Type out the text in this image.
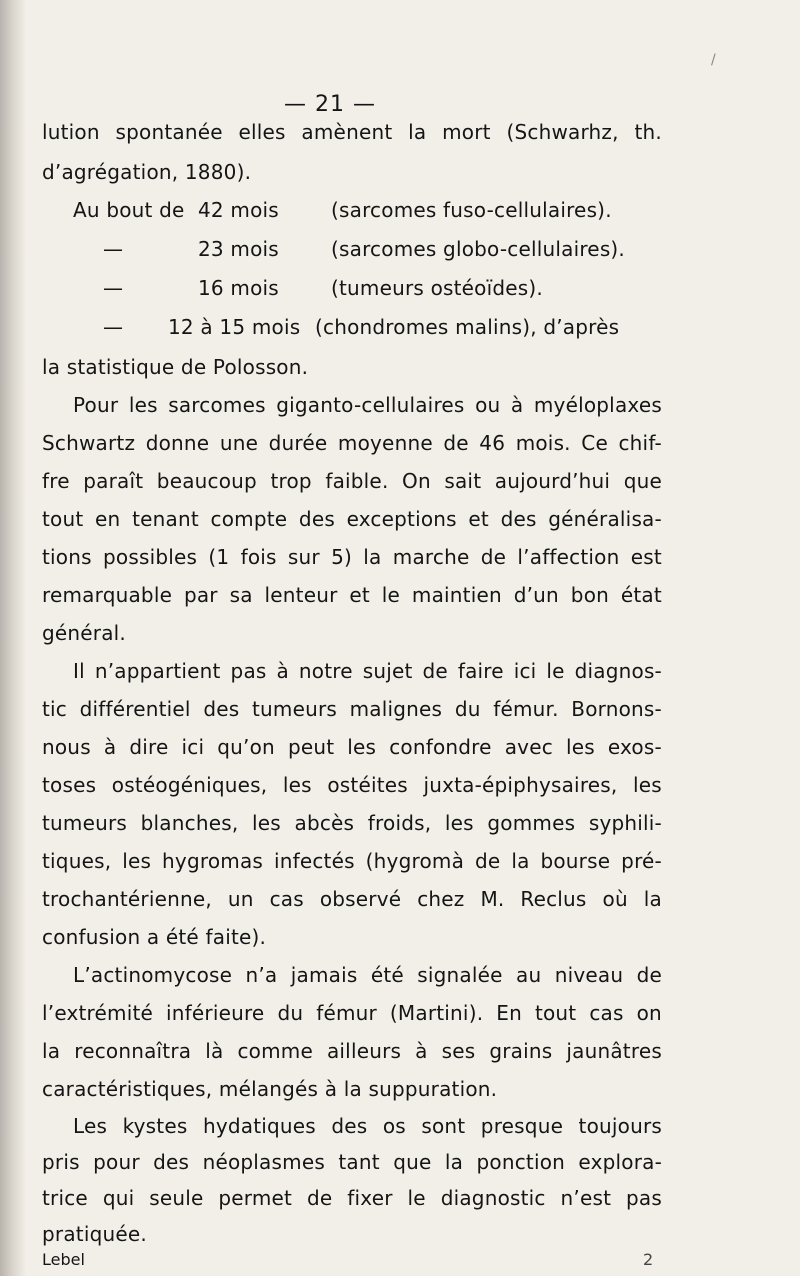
/
— 21 —
Au bout de 42 mois	(sarcomes fuso-cellulaires).
—	23 mois	(sarcomes globo-cellulaires).
—	16 mois	(tumeurs ostéoïdes).
— 12 à 15 mois (chondromes malins), d’après
lution spontanée elles amènent la mort (Schwarhz, th.
d’agrégation, 1880).
la statistique de Polosson.
Pour les sarcomes giganto-cellulaires ou à myéloplaxes
Schwartz donne une durée moyenne de 46 mois. Ce chif-
fre paraît beaucoup trop faible. On sait aujourd’hui que
tout en tenant compte des exceptions et des généralisa-
tions possibles (1 fois sur 5) la marche de l’affection est
remarquable par sa lenteur et le maintien d’un bon état
général.
Il n’appartient pas à notre sujet de faire ici le diagnos-
tic différentiel des tumeurs malignes du fémur. Bornons-
nous à dire ici qu’on peut les confondre avec les exos-
toses ostéogéniques, les ostéites juxta-épiphysaires, les
tumeurs blanches, les abcès froids, les gommes syphili-
tiques, les hygromas infectés (hygromà de la bourse pré-
trochantérienne, un cas observé chez M. Reclus où la
confusion a été faite).
L’actinomycose n’a jamais été signalée au niveau de
l’extrémité inférieure du fémur (Martini). En tout cas on
la reconnaîtra là comme ailleurs à ses grains jaunâtres
caractéristiques, mélangés à la suppuration.
Les kystes hydatiques des os sont presque toujours
pris pour des néoplasmes tant que la ponction explora-
trice qui seule permet de fixer le diagnostic n’est pas
pratiquée.
Lebel	2
